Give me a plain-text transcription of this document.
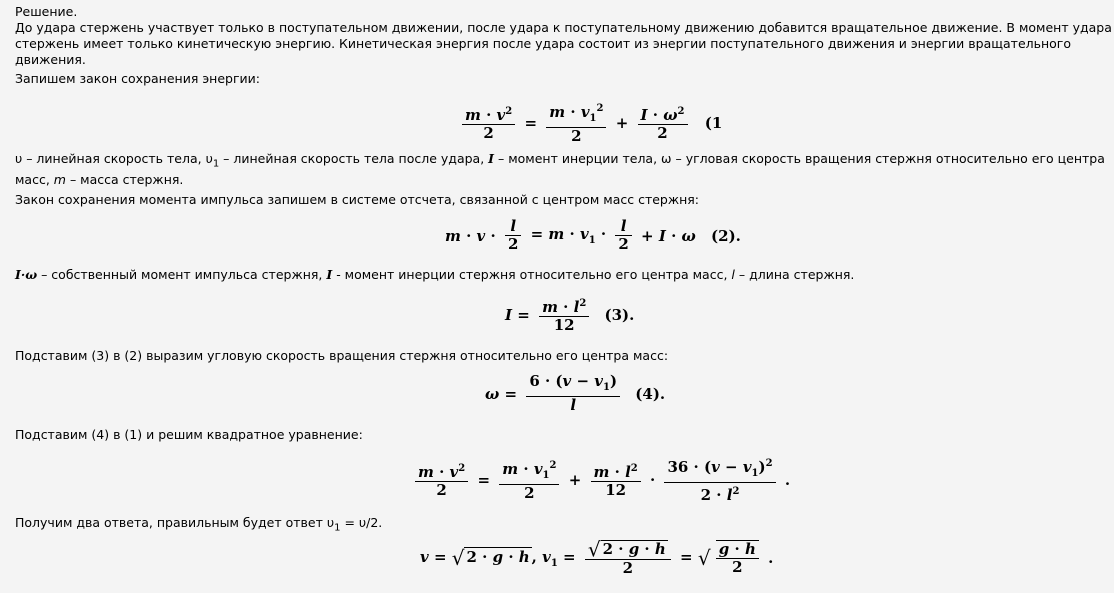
Решение.
До удара стержень участвует только в поступательном движении, после удара к поступательному движению добавится вращательное движение. В момент удара
стержень имеет только кинетическую энергию. Кинетическая энергия после удара состоит из энергии поступательного движения и энергии вращательного
движения.
Запишем закон сохранения энергии:
$\frac{m \cdot v^2}{2} = \frac{m \cdot v_1^2}{2} + \frac{I \cdot \omega^2}{2} (1$
υ – линейная скорость тела, $\upsilon_1$ – линейная скорость тела после удара, I – момент инерции тела, ω – угловая скорость вращения стержня относительно его центра
масс, m – масса стержня.
Закон сохранения момента импульса запишем в системе отсчета, связанной с центром масс стержня:
$m \cdot v \cdot \frac{l}{2} = m \cdot v_1 \cdot \frac{l}{2} + I \cdot \omega$ (2).
I·ω – собственный момент импульса стержня, I - момент инерции стержня относительно его центра масс, l – длина стержня.
$I = \frac{m \cdot l^2}{12} (3)$.
Подставим (3) в (2) выразим угловую скорость вращения стержня относительно его центра масс:
$\omega = \frac{6 \cdot (v - v_1)}{l} (4)$.
Подставим (4) в (1) и решим квадратное уравнение:
$\frac{m \cdot v^2}{2} = \frac{m \cdot v_1^2}{2} + \frac{m \cdot l^2}{12} \cdot \frac{36 \cdot (v - v_1)^2}{2 \cdot l^2}$ .
Получим два ответа, правильным будет ответ $\upsilon_1 = \upsilon/2$.
v = √ 2 · g · h , $v_1 = \frac{√ 2 \cdot g \cdot h}{2}$ = √ $\frac{g \cdot h}{2}$ .
